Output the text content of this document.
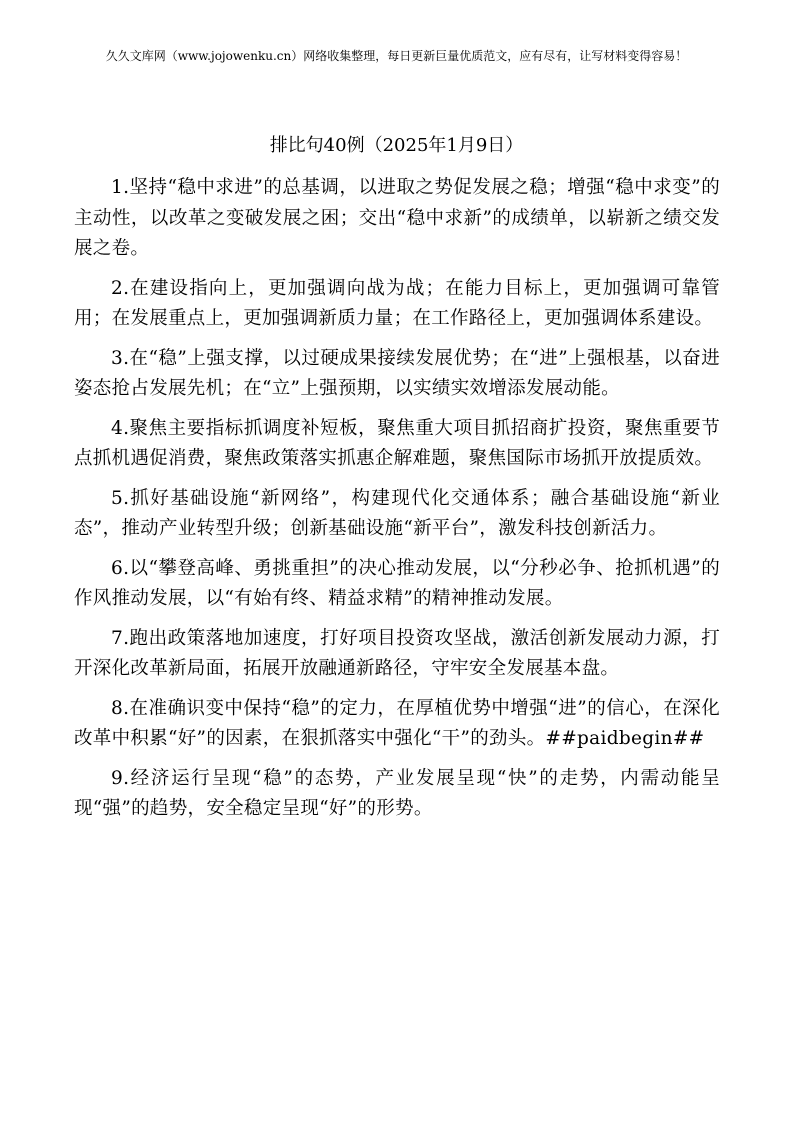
久久文库网（www.jojowenku.cn）网络收集整理，每日更新巨量优质范文，应有尽有，让写材料变得容易！
排比句40例（2025年1月9日）

1.坚持“稳中求进”的总基调，以进取之势促发展之稳；增强“稳中求变”的主动性，以改革之变破发展之困；交出“稳中求新”的成绩单，以崭新之绩交发展之卷。

2.在建设指向上，更加强调向战为战；在能力目标上，更加强调可靠管用；在发展重点上，更加强调新质力量；在工作路径上，更加强调体系建设。

3.在“稳”上强支撑，以过硬成果接续发展优势；在“进”上强根基，以奋进姿态抢占发展先机；在“立”上强预期，以实绩实效增添发展动能。

4.聚焦主要指标抓调度补短板，聚焦重大项目抓招商扩投资，聚焦重要节点抓机遇促消费，聚焦政策落实抓惠企解难题，聚焦国际市场抓开放提质效。

5.抓好基础设施“新网络”，构建现代化交通体系；融合基础设施“新业态”，推动产业转型升级；创新基础设施“新平台”，激发科技创新活力。

6.以“攀登高峰、勇挑重担”的决心推动发展，以“分秒必争、抢抓机遇”的作风推动发展，以“有始有终、精益求精”的精神推动发展。

7.跑出政策落地加速度，打好项目投资攻坚战，激活创新发展动力源，打开深化改革新局面，拓展开放融通新路径，守牢安全发展基本盘。

8.在准确识变中保持“稳”的定力，在厚植优势中增强“进”的信心，在深化改革中积累“好”的因素，在狠抓落实中强化“干”的劲头。##paidbegin##

9.经济运行呈现“稳”的态势，产业发展呈现“快”的走势，内需动能呈现“强”的趋势，安全稳定呈现“好”的形势。
